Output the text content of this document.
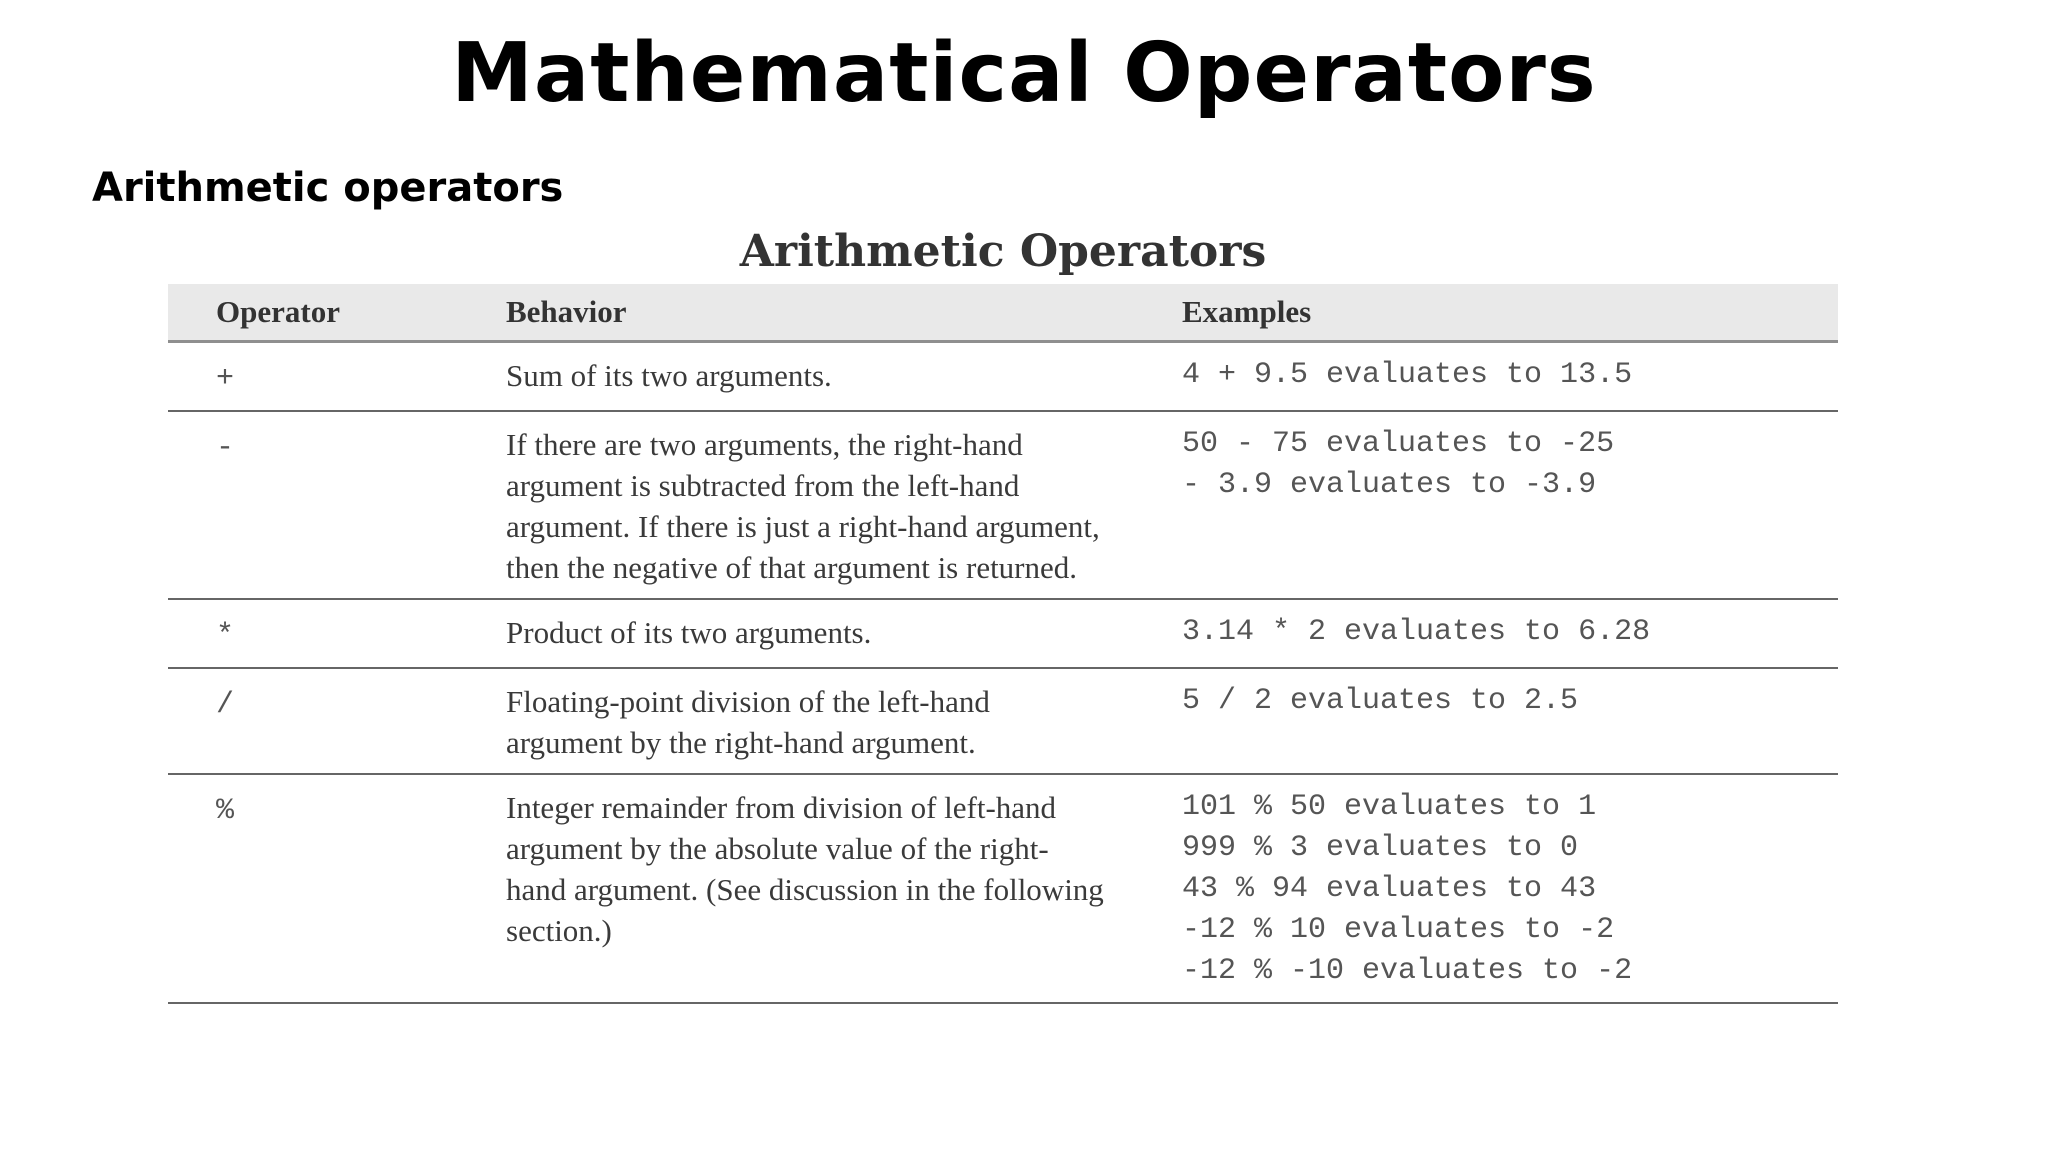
Mathematical Operators
Arithmetic operators
Arithmetic Operators
Operator	Behavior	Examples
+	Sum of its two arguments.	4 + 9.5 evaluates to 13.5

-	If there are two arguments, the right-hand argument is subtracted from the left-hand argument. If there is just a right-hand argument, then the negative of that argument is returned.	50 - 75 evaluates to -25
- 3.9 evaluates to -3.9

*	Product of its two arguments.	3.14 * 2 evaluates to 6.28

/	Floating-point division of the left-hand argument by the right-hand argument.	5 / 2 evaluates to 2.5

%	Integer remainder from division of left-hand argument by the absolute value of the right-hand argument. (See discussion in the following section.)	101 % 50 evaluates to 1
999 % 3 evaluates to 0
43 % 94 evaluates to 43
-12 % 10 evaluates to -2
-12 % -10 evaluates to -2
